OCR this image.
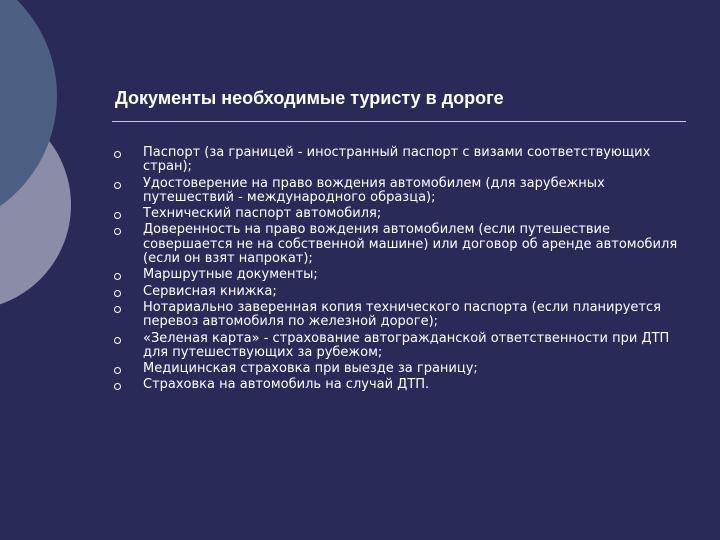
Документы необходимые туристу в дороге
Паспорт (за границей - иностранный паспорт с визами соответствующих стран);
Удостоверение на право вождения автомобилем (для зарубежных путешествий - международного образца);
Технический паспорт автомобиля;
Доверенность на право вождения автомобилем (если путешествие совершается не на собственной машине) или договор об аренде автомобиля (если он взят напрокат);
Маршрутные документы;
Сервисная книжка;
Нотариально заверенная копия технического паспорта (если планируется перевоз автомобиля по железной дороге);
«Зеленая карта» - страхование автогражданской ответственности при ДТП для путешествующих за рубежом;
Медицинская страховка при выезде за границу;
Страховка на автомобиль на случай ДТП.
